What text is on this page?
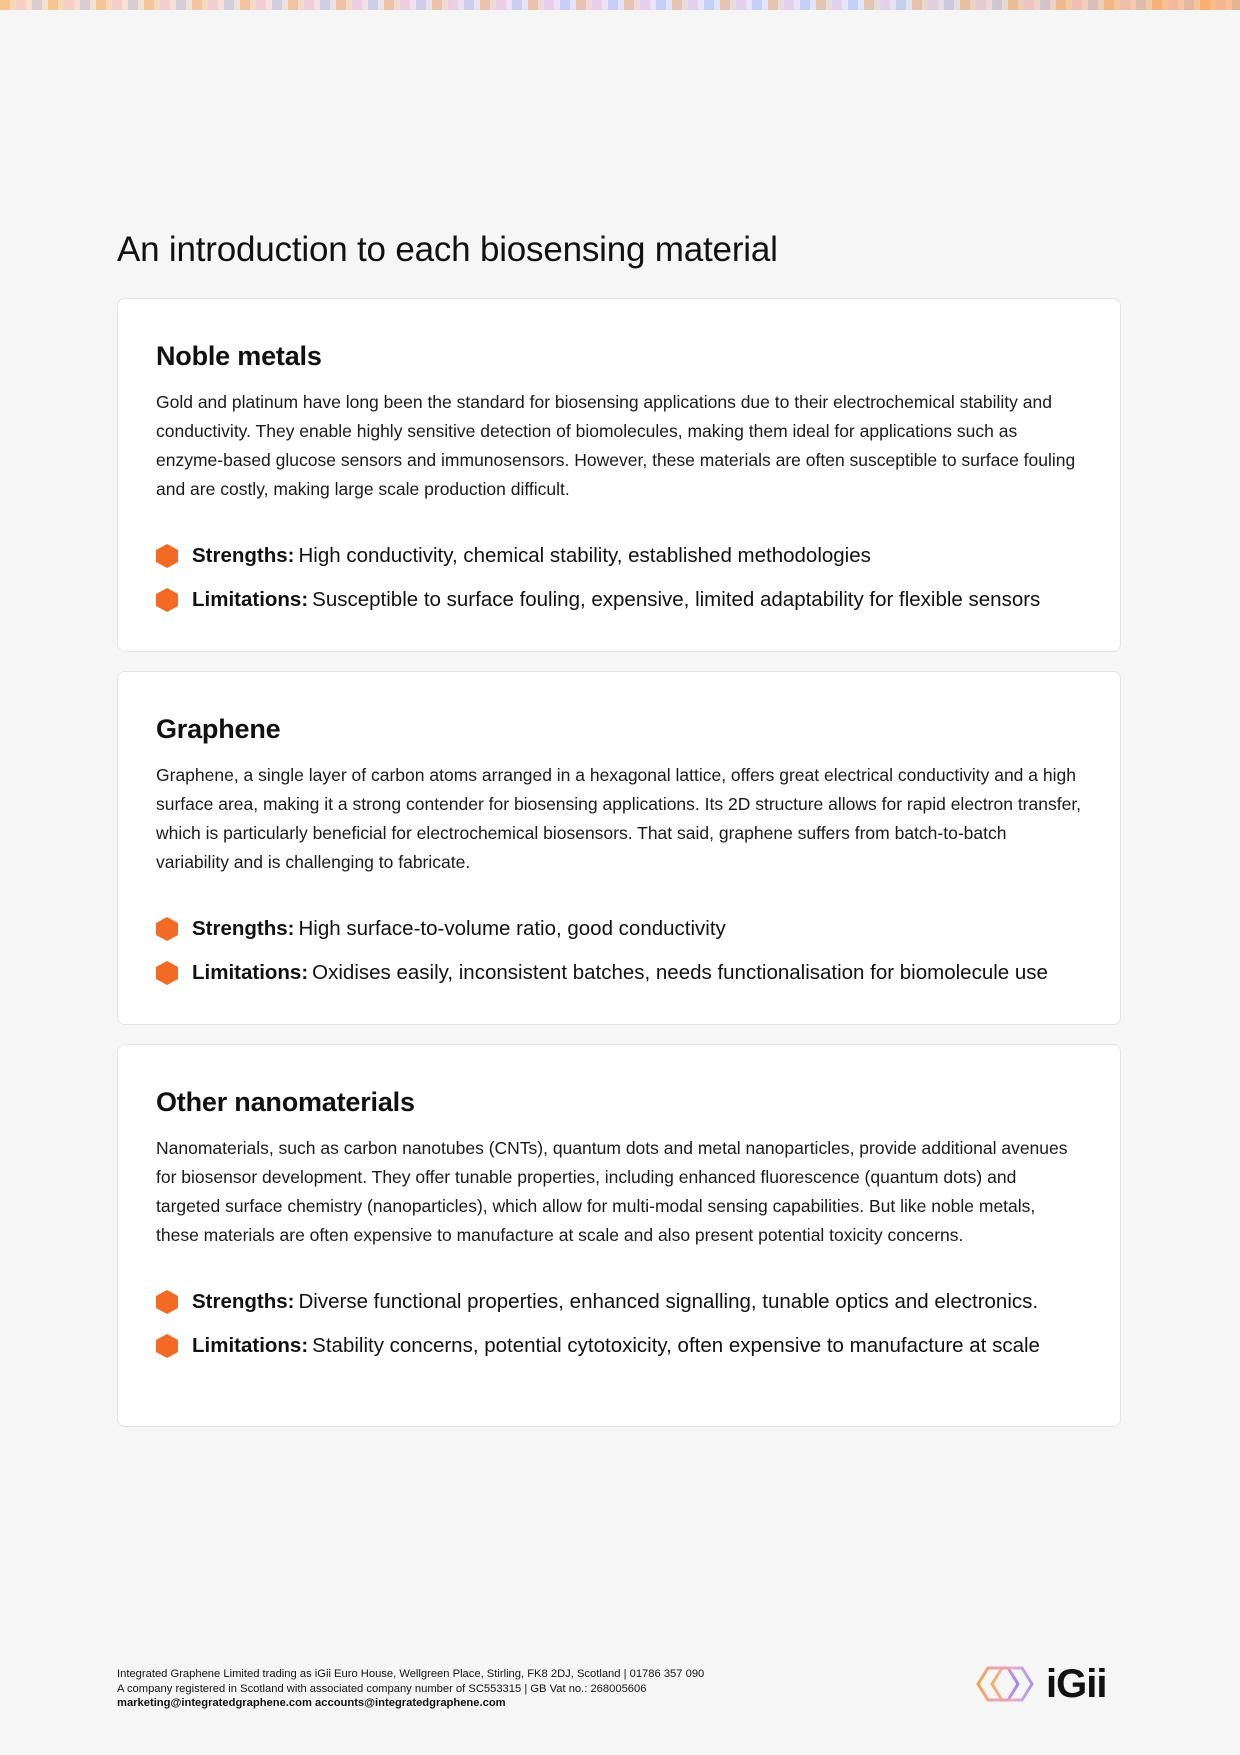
An introduction to each biosensing material
Noble metals

Gold and platinum have long been the standard for biosensing applications due to their electrochemical stability and conductivity. They enable highly sensitive detection of biomolecules, making them ideal for applications such as enzyme-based glucose sensors and immunosensors. However, these materials are often susceptible to surface fouling and are costly, making large scale production difficult.

Strengths: High conductivity, chemical stability, established methodologies
Limitations: Susceptible to surface fouling, expensive, limited adaptability for flexible sensors
Graphene

Graphene, a single layer of carbon atoms arranged in a hexagonal lattice, offers great electrical conductivity and a high surface area, making it a strong contender for biosensing applications. Its 2D structure allows for rapid electron transfer, which is particularly beneficial for electrochemical biosensors. That said, graphene suffers from batch-to-batch variability and is challenging to fabricate.

Strengths: High surface-to-volume ratio, good conductivity
Limitations: Oxidises easily, inconsistent batches, needs functionalisation for biomolecule use
Other nanomaterials

Nanomaterials, such as carbon nanotubes (CNTs), quantum dots and metal nanoparticles, provide additional avenues for biosensor development. They offer tunable properties, including enhanced fluorescence (quantum dots) and targeted surface chemistry (nanoparticles), which allow for multi-modal sensing capabilities. But like noble metals, these materials are often expensive to manufacture at scale and also present potential toxicity concerns.

Strengths: Diverse functional properties, enhanced signalling, tunable optics and electronics.
Limitations: Stability concerns, potential cytotoxicity, often expensive to manufacture at scale
Integrated Graphene Limited trading as iGii Euro House, Wellgreen Place, Stirling, FK8 2DJ, Scotland | 01786 357 090
A company registered in Scotland with associated company number of SC553315 | GB Vat no.: 268005606
marketing@integratedgraphene.com accounts@integratedgraphene.com	iGii
